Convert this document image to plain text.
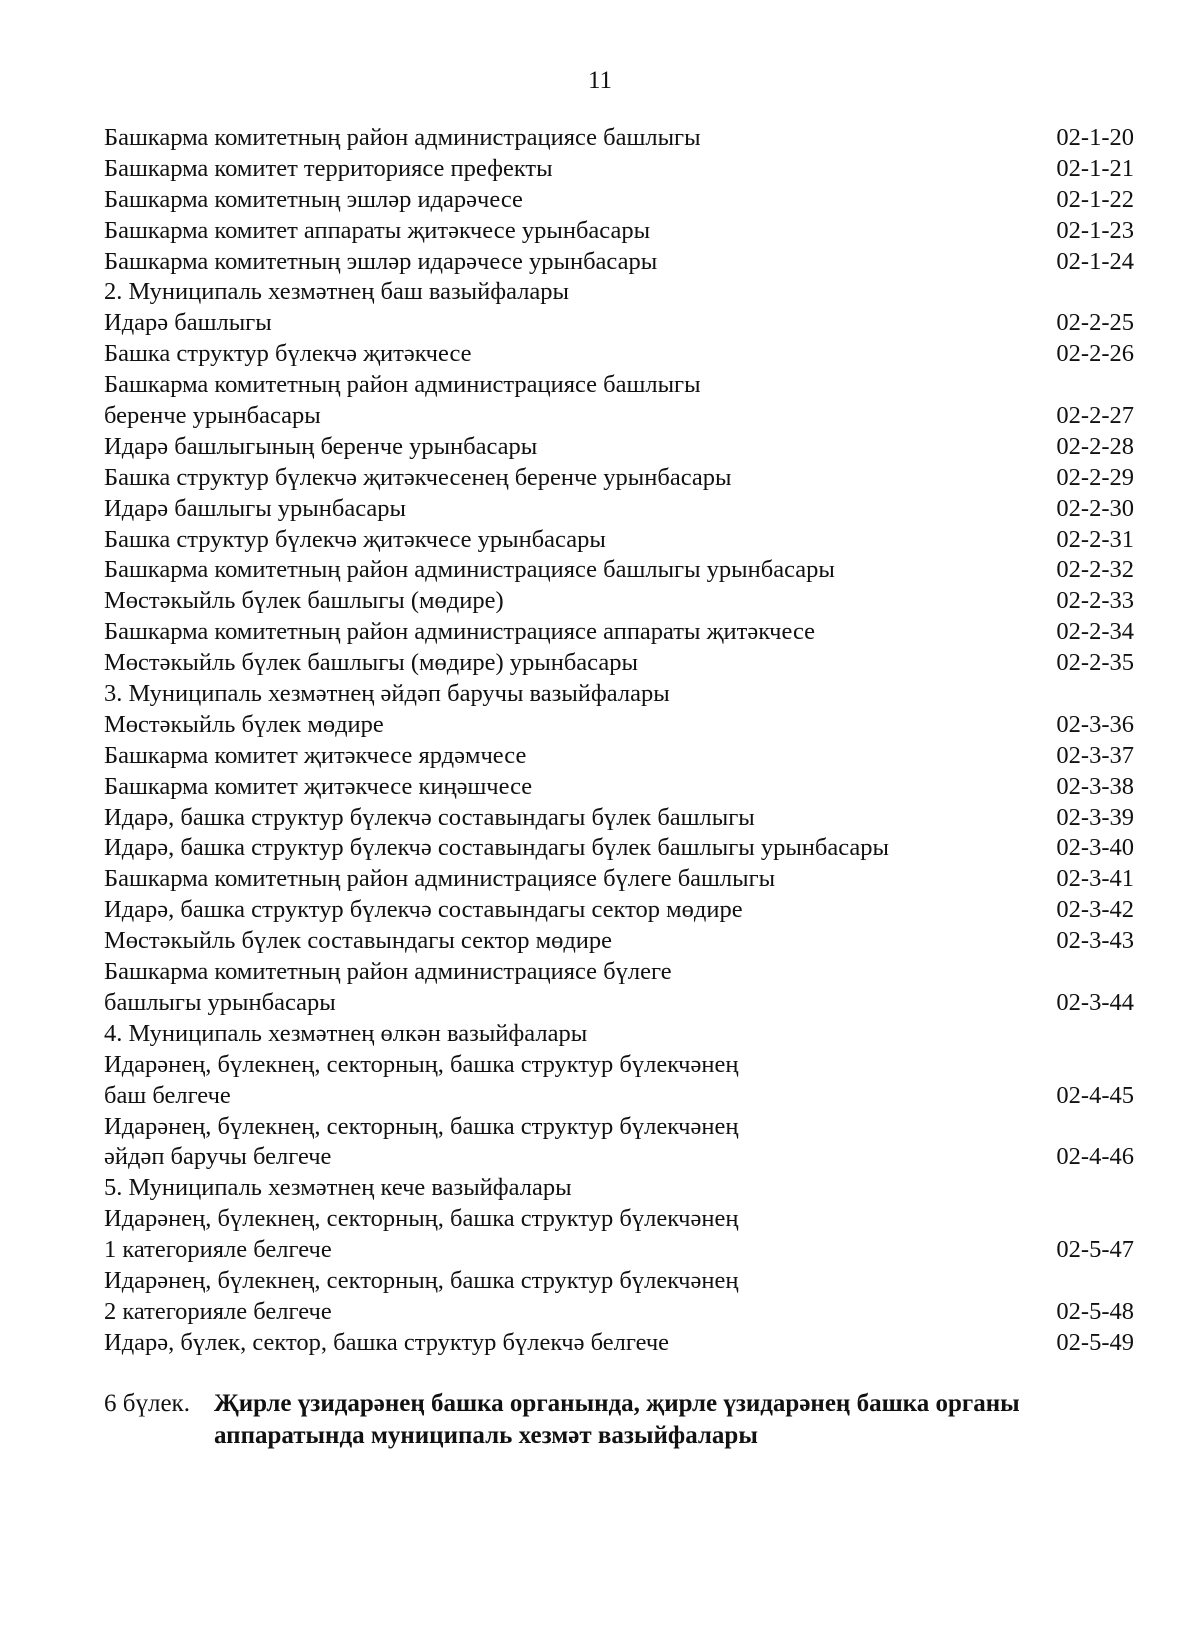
11
Башкарма комитетның район администрациясе башлыгы	02-1-20
Башкарма комитет территориясе префекты	02-1-21
Башкарма комитетның эшләр идарәчесе	02-1-22
Башкарма комитет аппараты җитәкчесе урынбасары	02-1-23
Башкарма комитетның эшләр идарәчесе урынбасары	02-1-24
2. Муниципаль хезмәтнең баш вазыйфалары
Идарә башлыгы	02-2-25
Башка структур бүлекчә җитәкчесе	02-2-26
Башкарма комитетның район администрациясе башлыгы
беренче урынбасары	02-2-27
Идарә башлыгының беренче урынбасары	02-2-28
Башка структур бүлекчә җитәкчесенең беренче урынбасары	02-2-29
Идарә башлыгы урынбасары	02-2-30
Башка структур бүлекчә җитәкчесе урынбасары	02-2-31
Башкарма комитетның район администрациясе башлыгы урынбасары	02-2-32
Мөстәкыйль бүлек башлыгы (мөдире)	02-2-33
Башкарма комитетның район администрациясе аппараты җитәкчесе	02-2-34
Мөстәкыйль бүлек башлыгы (мөдире) урынбасары	02-2-35
3. Муниципаль хезмәтнең әйдәп баручы вазыйфалары
Мөстәкыйль бүлек мөдире	02-3-36
Башкарма комитет җитәкчесе ярдәмчесе	02-3-37
Башкарма комитет җитәкчесе киңәшчесе	02-3-38
Идарә, башка структур бүлекчә составындагы бүлек башлыгы	02-3-39
Идарә, башка структур бүлекчә составындагы бүлек башлыгы урынбасары	02-3-40
Башкарма комитетның район администрациясе бүлеге башлыгы	02-3-41
Идарә, башка структур бүлекчә составындагы сектор мөдире	02-3-42
Мөстәкыйль бүлек составындагы сектор мөдире	02-3-43
Башкарма комитетның район администрациясе бүлеге
башлыгы урынбасары	02-3-44
4. Муниципаль хезмәтнең өлкән вазыйфалары
Идарәнең, бүлекнең, секторның, башка структур бүлекчәнең
баш белгече	02-4-45
Идарәнең, бүлекнең, секторның, башка структур бүлекчәнең
әйдәп баручы белгече	02-4-46
5. Муниципаль хезмәтнең кече вазыйфалары
Идарәнең, бүлекнең, секторның, башка структур бүлекчәнең
1 категорияле белгече	02-5-47
Идарәнең, бүлекнең, секторның, башка структур бүлекчәнең
2 категорияле белгече	02-5-48
Идарә, бүлек, сектор, башка структур бүлекчә белгече	02-5-49
6 бүлек. Җирле үзидарәнең башка органында, җирле үзидарәнең башка органы аппаратында муниципаль хезмәт вазыйфалары
